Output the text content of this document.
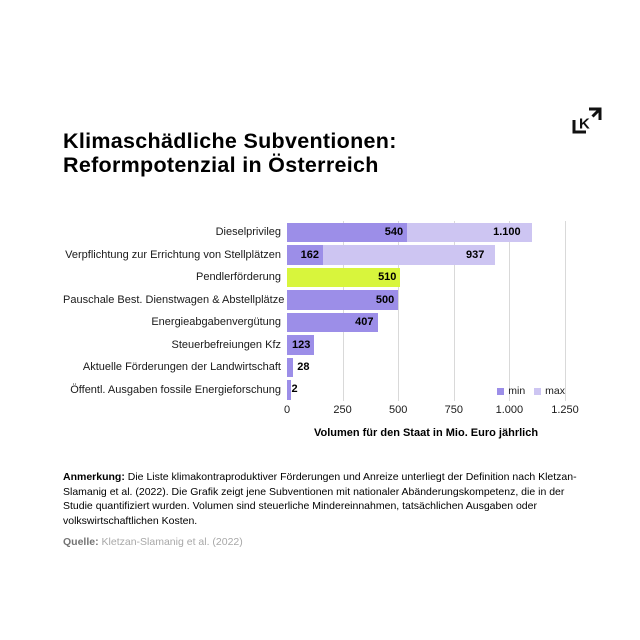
K
Klimaschädliche Subventionen:
Reformpotenzial in Österreich
Dieselprivileg	540	1.100
Verpflichtung zur Errichtung von Stellplätzen 162	937
Pendlerförderung	510
Pauschale Best. Dienstwagen & Abstellplätze	500
Energieabgabenvergütung	407
Steuerbefreiungen Kfz 123
Aktuelle Förderungen der Landwirtschaft 28
Öffentl. Ausgaben fossile Energieforschung 2
0	250	500	750	1.000	1.250
Volumen für den Staat in Mio. Euro jährlich
min max

Anmerkung: Die Liste klimakontraproduktiver Förderungen und Anreize unterliegt der Definition nach Kletzan-Slamanig et al. (2022). Die Grafik zeigt jene Subventionen mit nationaler Abänderungskompetenz, die in der Studie quantifiziert wurden. Volumen sind steuerliche Mindereinnahmen, tatsächlichen Ausgaben oder volkswirtschaftlichen Kosten.

Quelle: Kletzan-Slamanig et al. (2022)
